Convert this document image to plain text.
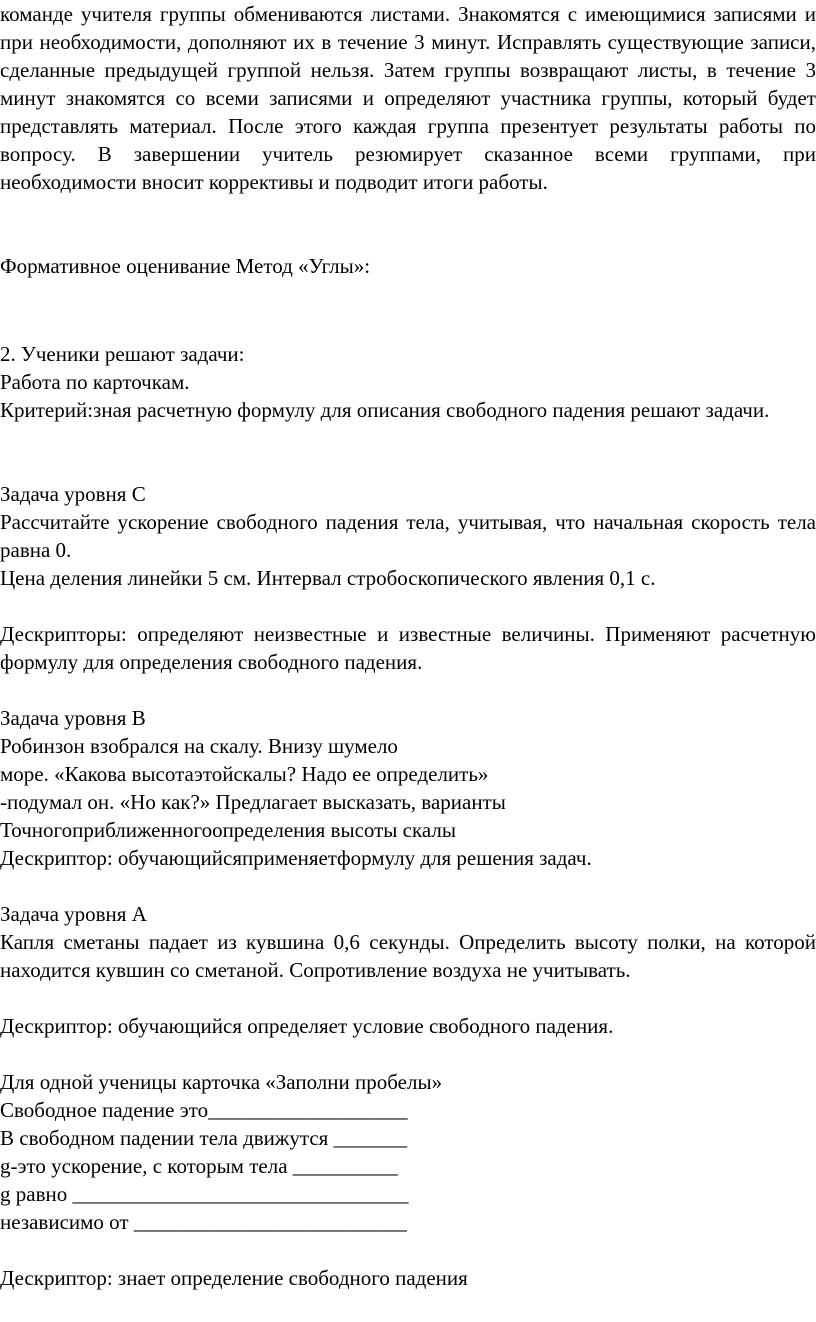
команде учителя группы обмениваются листами. Знакомятся с имеющимися записями и при необходимости, дополняют их в течение 3 минут. Исправлять существующие записи, сделанные предыдущей группой нельзя. Затем группы возвращают листы, в течение 3 минут знакомятся со всеми записями и определяют участника группы, который будет представлять материал. После этого каждая группа презентует результаты работы по вопросу. В завершении учитель резюмирует сказанное всеми группами, при необходимости вносит коррективы и подводит итоги работы.

Формативное оценивание Метод «Углы»:

2. Ученики решают задачи:

Работа по карточкам.

Критерий:зная расчетную формулу для описания свободного падения решают задачи.

Задача уровня С

Рассчитайте ускорение свободного падения тела, учитывая, что начальная скорость тела равна 0.

Цена деления линейки 5 см. Интервал стробоскопического явления 0,1 с.

Дескрипторы: определяют неизвестные и известные величины. Применяют расчетную формулу для определения свободного падения.

Задача уровня В

Робинзон взобрался на скалу. Внизу шумело

море. «Какова высотаэтойскалы? Надо ее определить»

-подумал он. «Но как?» Предлагает высказать, варианты

Точногоприближенногоопределения высоты скалы

Дескриптор: обучающийсяприменяетформулу для решения задач.

Задача уровня А

Капля сметаны падает из кувшина 0,6 секунды. Определить высоту полки, на которой находится кувшин со сметаной. Сопротивление воздуха не учитывать.

Дескриптор: обучающийся определяет условие свободного падения.

Для одной ученицы карточка «Заполни пробелы»

Свободное падение это___________________

В свободном падении тела движутся _______

g-это ускорение, с которым тела __________

g равно ________________________________

независимо от __________________________

Дескриптор: знает определение свободного падения
